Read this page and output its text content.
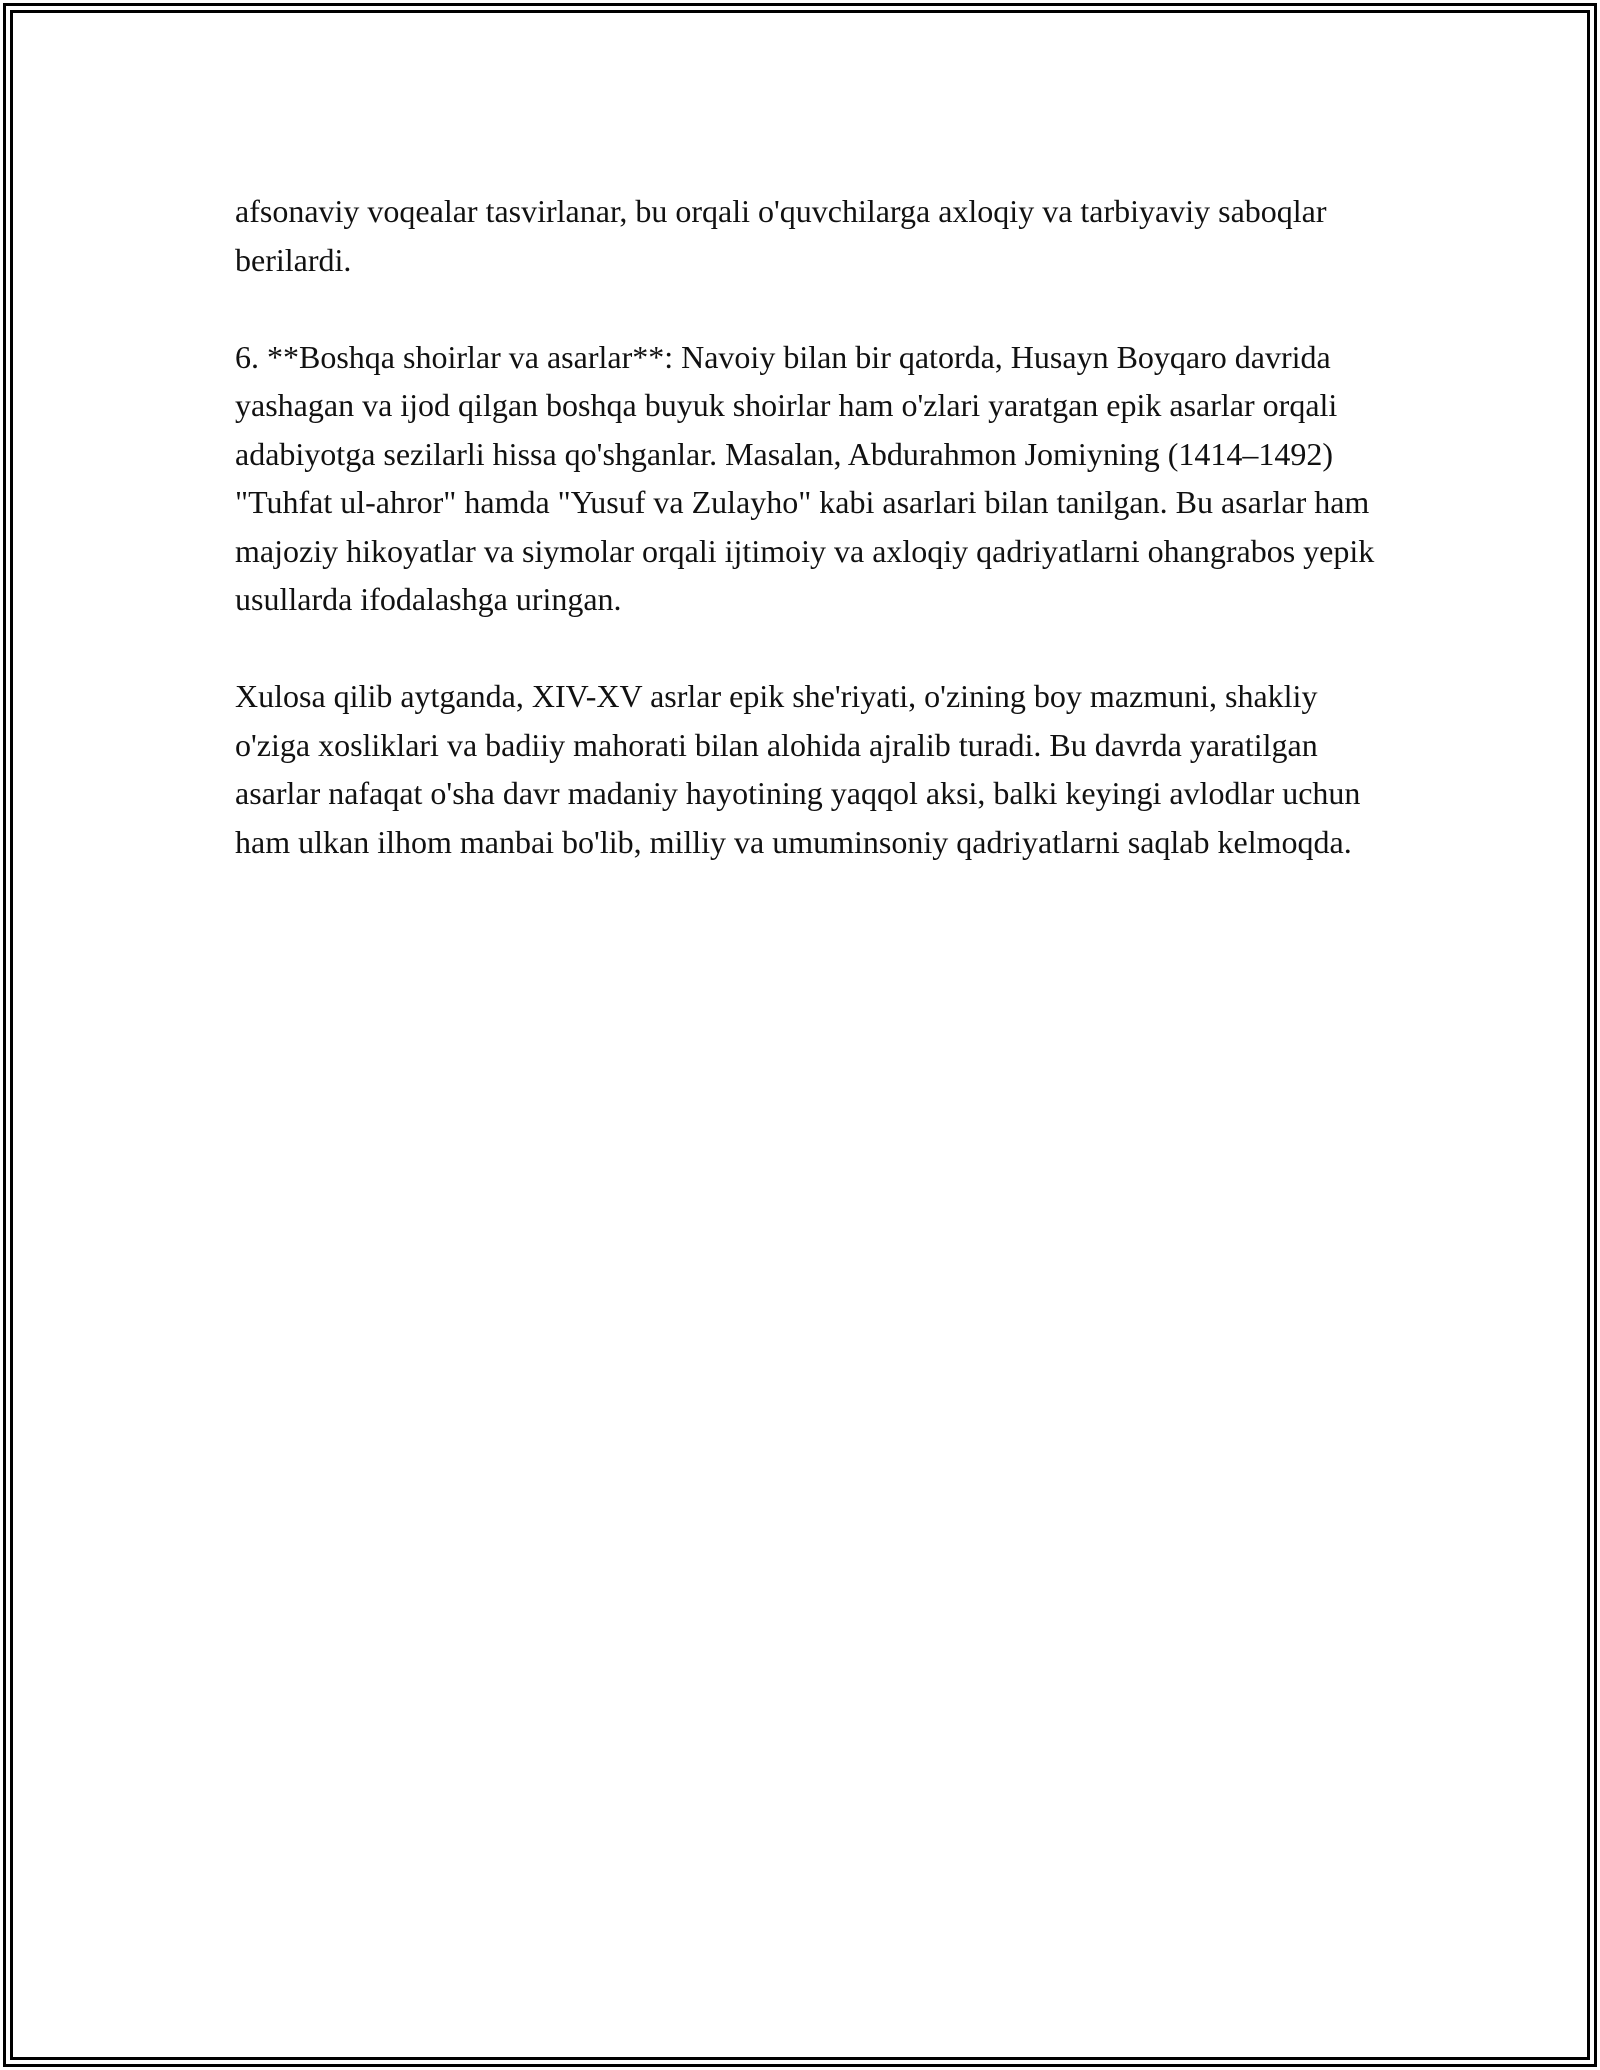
afsonaviy voqealar tasvirlanar, bu orqali o'quvchilarga axloqiy va tarbiyaviy saboqlar berilardi.

6. **Boshqa shoirlar va asarlar**: Navoiy bilan bir qatorda, Husayn Boyqaro davrida yashagan va ijod qilgan boshqa buyuk shoirlar ham o'zlari yaratgan epik asarlar orqali adabiyotga sezilarli hissa qo'shganlar. Masalan, Abdurahmon Jomiyning (1414–1492) "Tuhfat ul-ahror" hamda "Yusuf va Zulayho" kabi asarlari bilan tanilgan. Bu asarlar ham majoziy hikoyatlar va siymolar orqali ijtimoiy va axloqiy qadriyatlarni ohangrabos yepik usullarda ifodalashga uringan.

Xulosa qilib aytganda, XIV-XV asrlar epik she'riyati, o'zining boy mazmuni, shakliy o'ziga xosliklari va badiiy mahorati bilan alohida ajralib turadi. Bu davrda yaratilgan asarlar nafaqat o'sha davr madaniy hayotining yaqqol aksi, balki keyingi avlodlar uchun ham ulkan ilhom manbai bo'lib, milliy va umuminsoniy qadriyatlarni saqlab kelmoqda.
